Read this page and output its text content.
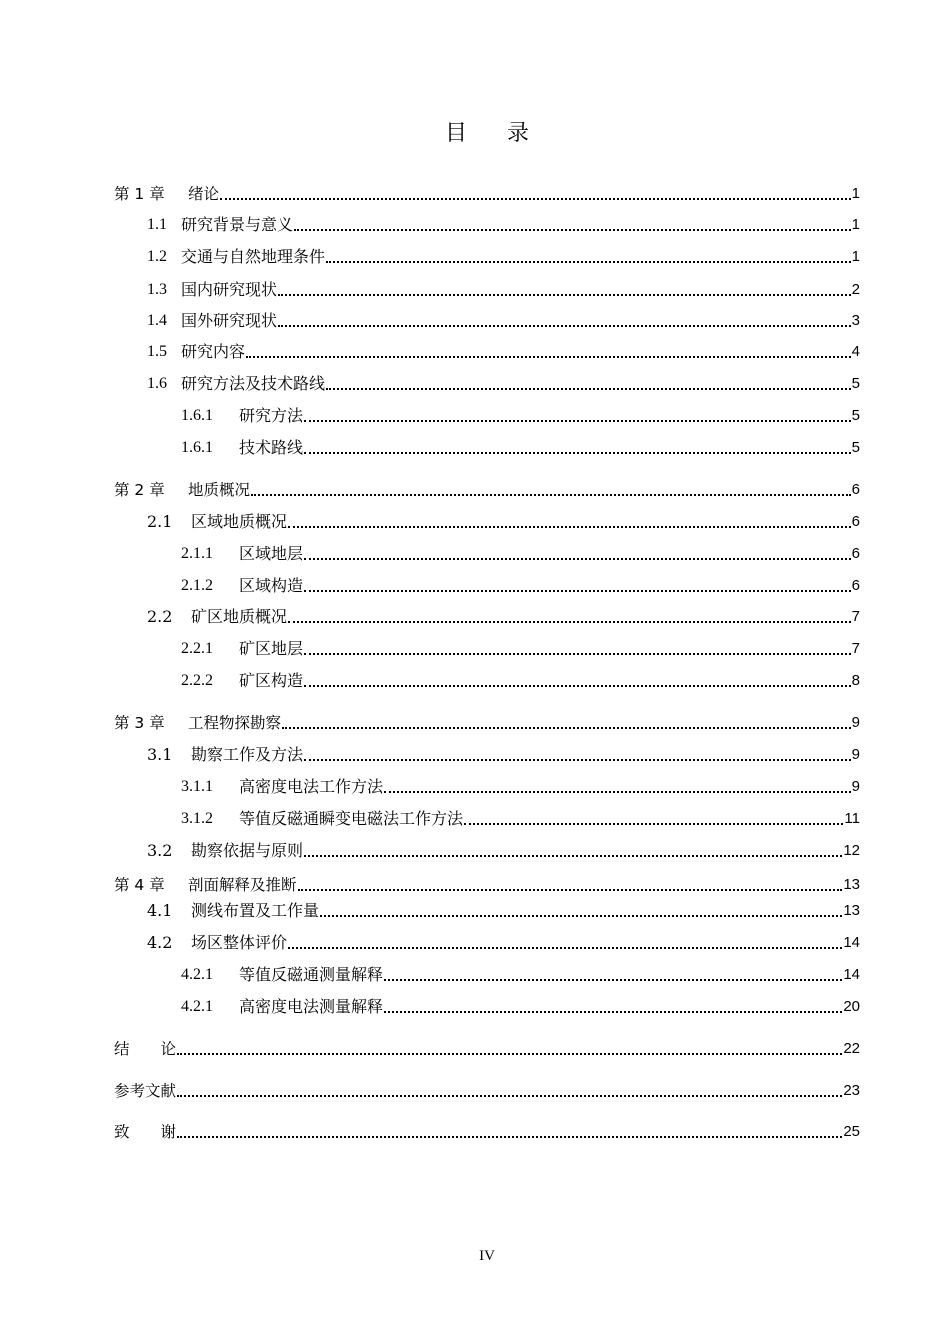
目 录
第 1 章	绪论	1
1.1 研究背景与意义	1
1.2 交通与自然地理条件	1
1.3 国内研究现状	2
1.4 国外研究现状	3
1.5 研究内容	4
1.6 研究方法及技术路线	5
1.6.1	研究方法	5
1.6.1	技术路线	5
第 2 章	地质概况	6
2.1	区域地质概况	6
2.1.1	区域地层	6
2.1.2	区域构造	6
2.2	矿区地质概况	7
2.2.1	矿区地层	7
2.2.2	矿区构造	8
第 3 章	工程物探勘察	9
3.1	勘察工作及方法	9
3.1.1	高密度电法工作方法	9
3.1.2	等值反磁通瞬变电磁法工作方法	11
3.2	勘察依据与原则	12
第 4 章	剖面解释及推断	13
4.1	测线布置及工作量	13
4.2	场区整体评价	14
4.2.1	等值反磁通测量解释	14
4.2.1	高密度电法测量解释	20
结　　论	22
参考文献	23
致　　谢	25
IV
